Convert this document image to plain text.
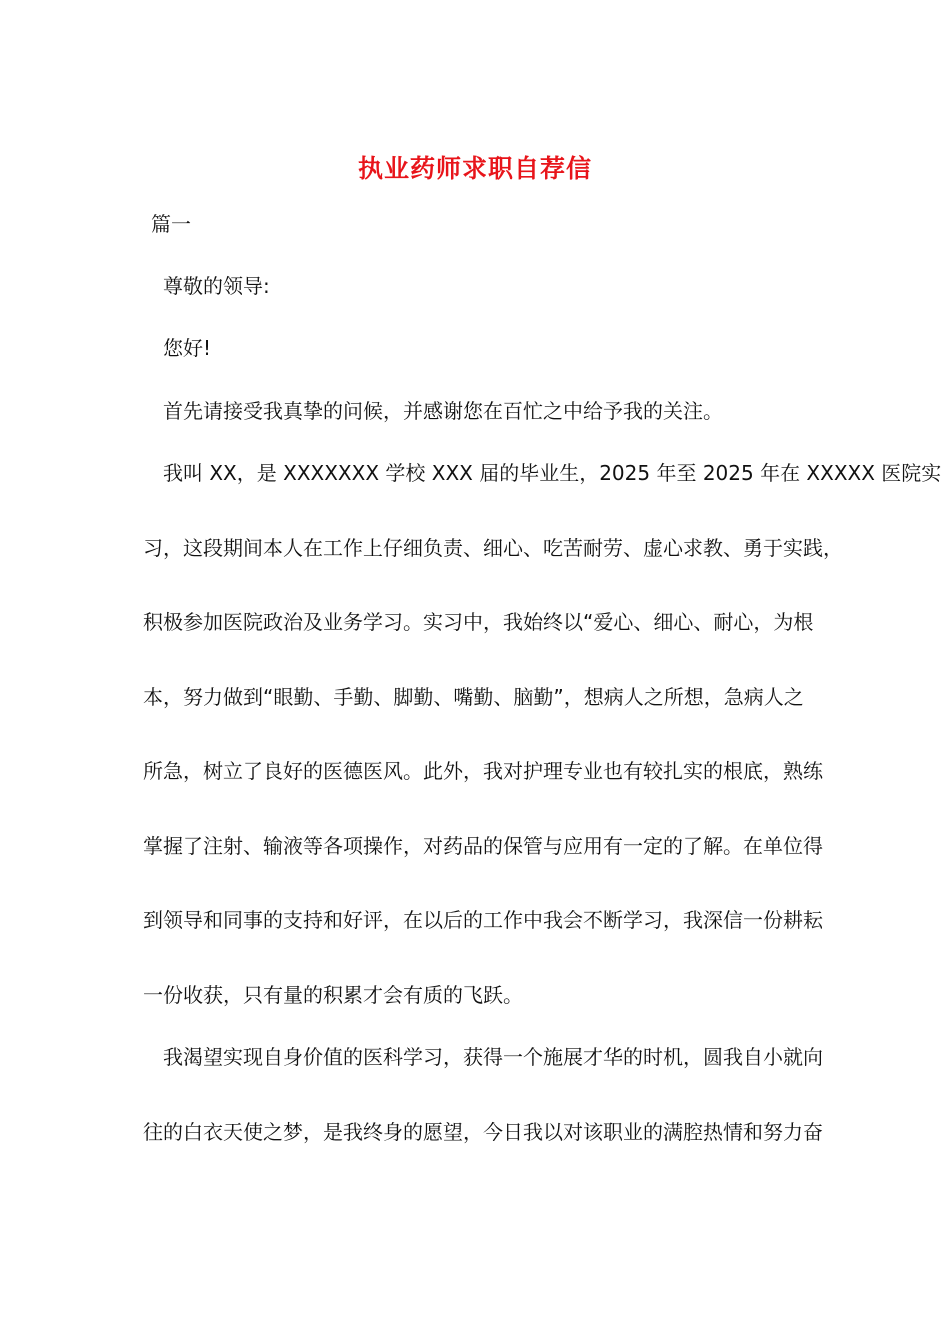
执业药师求职自荐信
篇一
尊敬的领导:
您好!
首先请接受我真挚的问候，并感谢您在百忙之中给予我的关注。
我叫 XX，是 XXXXXXX 学校 XXX 届的毕业生，2025 年至 2025 年在 XXXXX 医院实
习，这段期间本人在工作上仔细负责、细心、吃苦耐劳、虚心求教、勇于实践，
积极参加医院政治及业务学习。实习中，我始终以“爱心、细心、耐心，为根
本，努力做到“眼勤、手勤、脚勤、嘴勤、脑勤”，想病人之所想，急病人之
所急，树立了良好的医德医风。此外，我对护理专业也有较扎实的根底，熟练
掌握了注射、输液等各项操作，对药品的保管与应用有一定的了解。在单位得
到领导和同事的支持和好评，在以后的工作中我会不断学习，我深信一份耕耘
一份收获，只有量的积累才会有质的飞跃。
我渴望实现自身价值的医科学习，获得一个施展才华的时机，圆我自小就向
往的白衣天使之梦，是我终身的愿望，今日我以对该职业的满腔热情和努力奋
